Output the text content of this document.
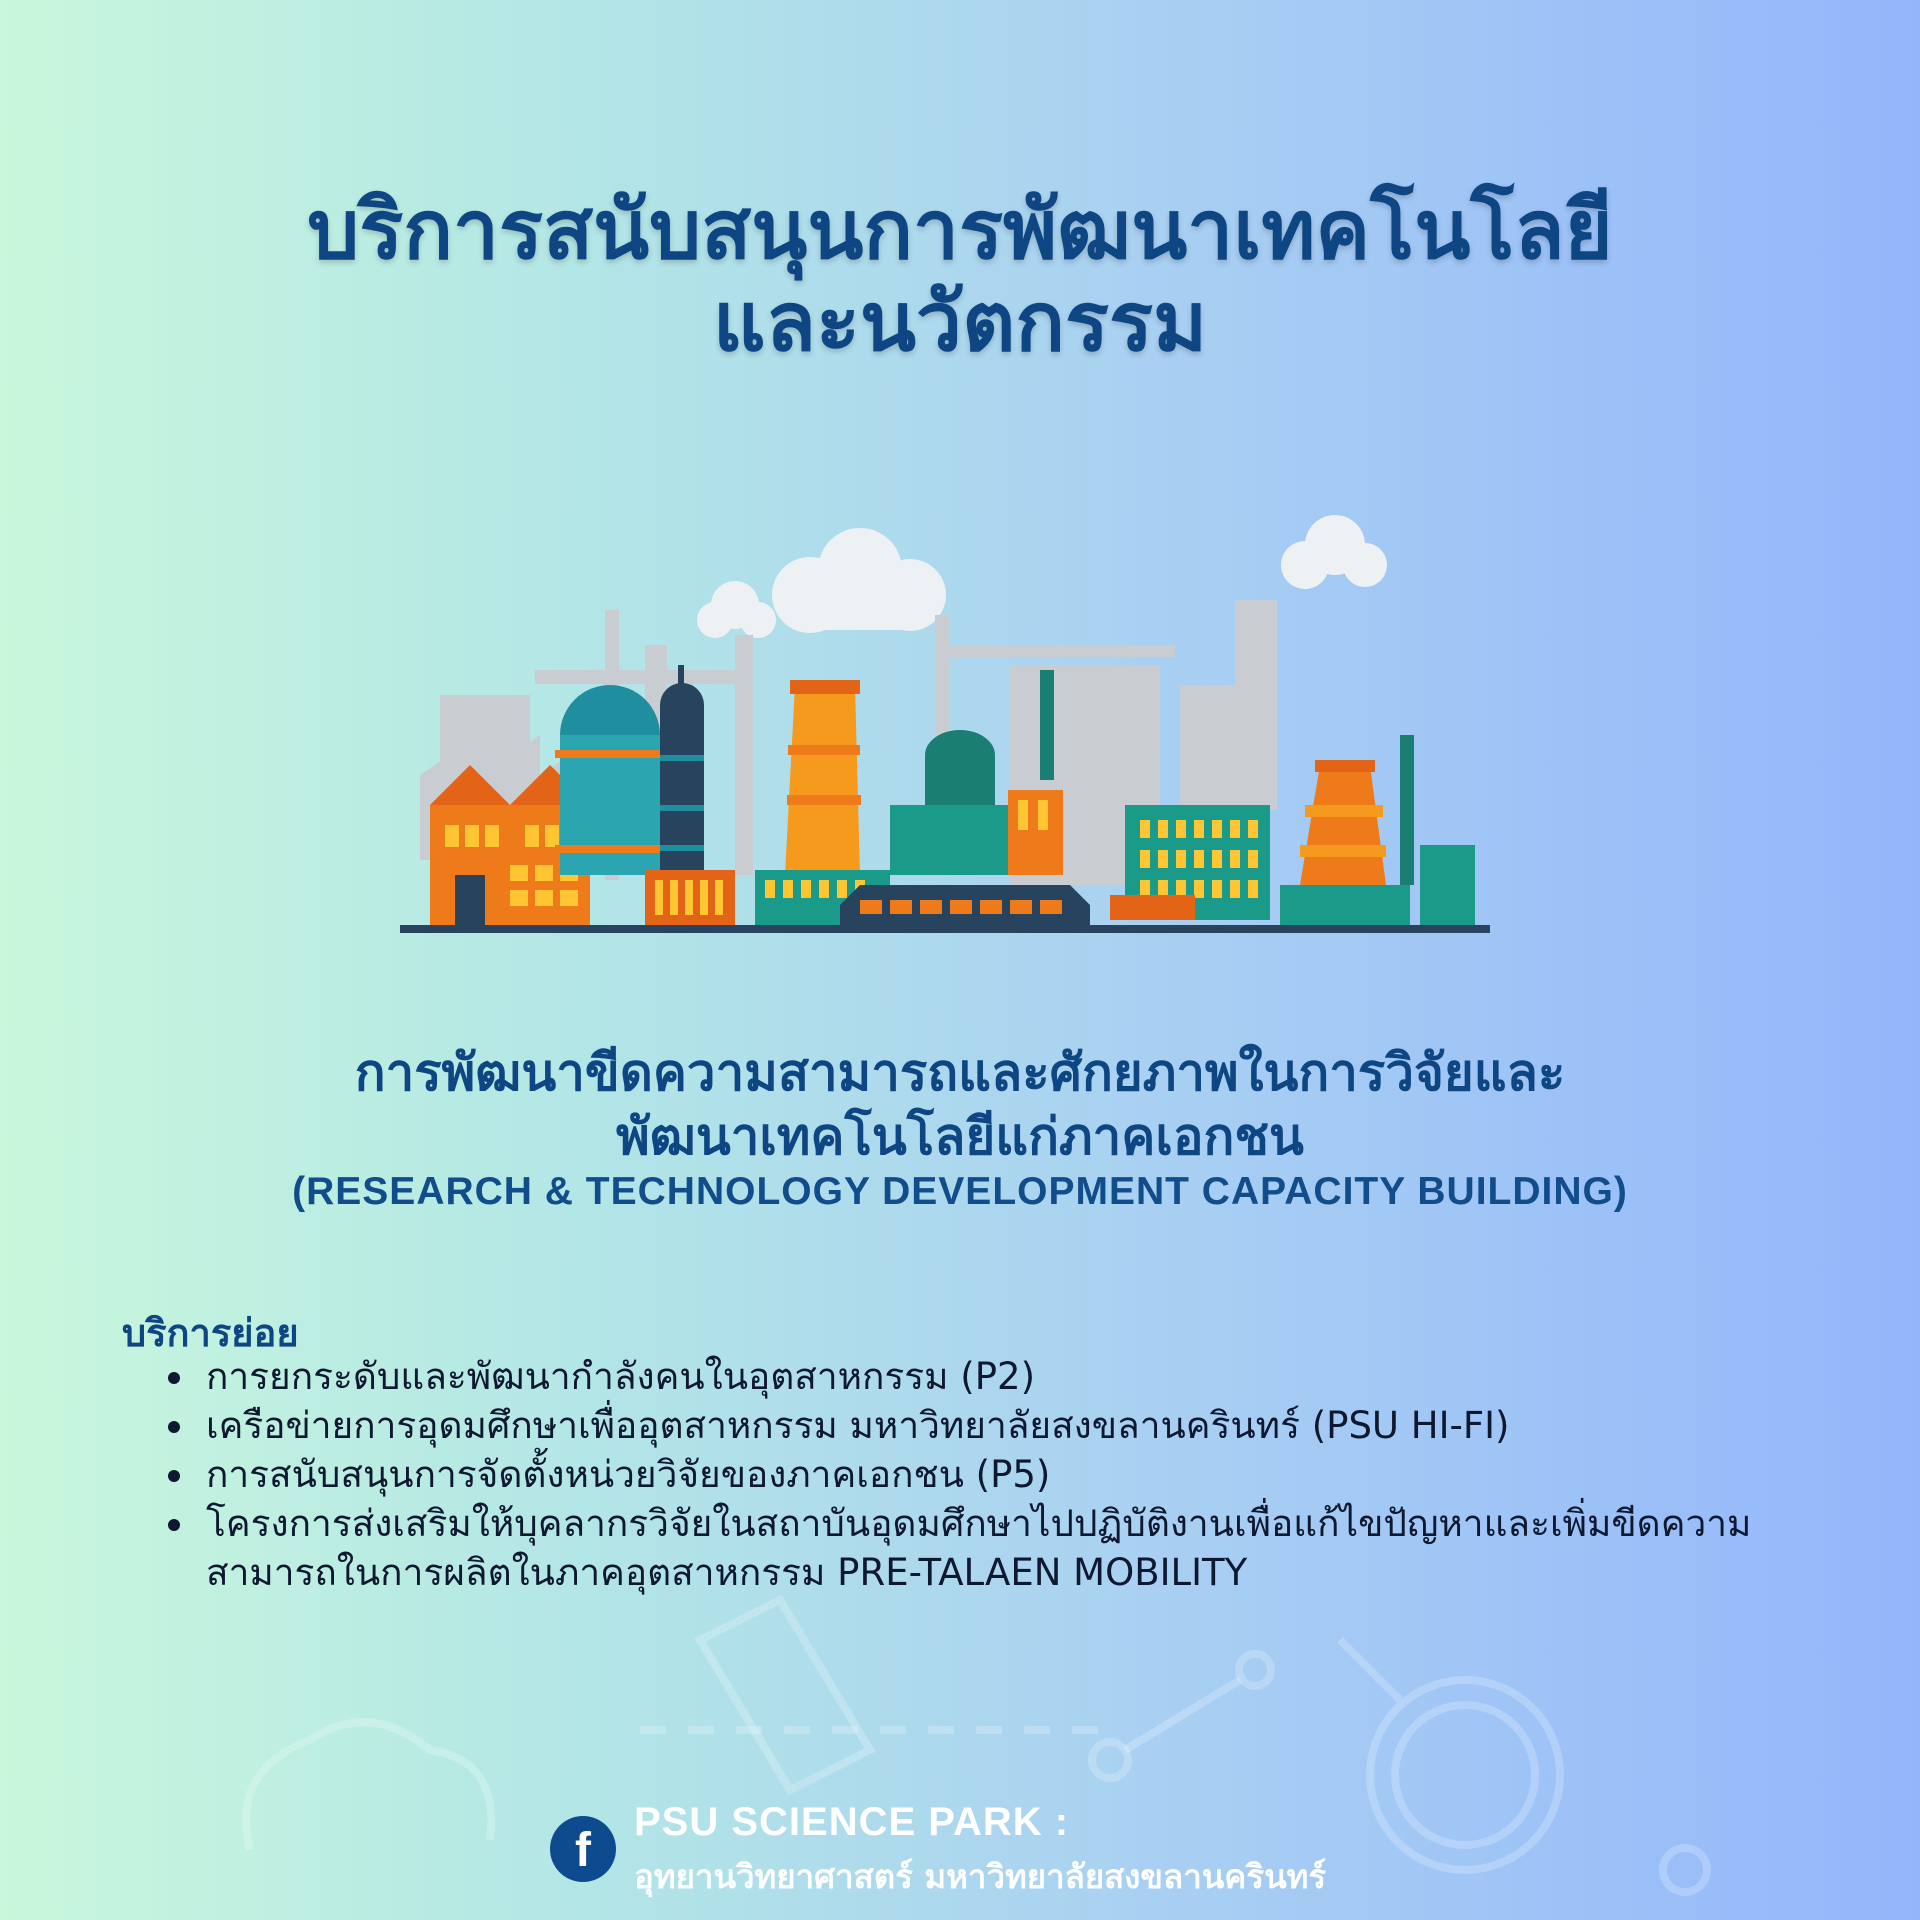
บริการสนับสนุนการพัฒนาเทคโนโลยี
และนวัตกรรม
การพัฒนาขีดความสามารถและศักยภาพในการวิจัยและ
พัฒนาเทคโนโลยีแก่ภาคเอกชน
(RESEARCH & TECHNOLOGY DEVELOPMENT CAPACITY BUILDING)
บริการย่อย
การยกระดับและพัฒนากำลังคนในอุตสาหกรรม (P2)
เครือข่ายการอุดมศึกษาเพื่ออุตสาหกรรม มหาวิทยาลัยสงขลานครินทร์ (PSU HI-FI)
การสนับสนุนการจัดตั้งหน่วยวิจัยของภาคเอกชน (P5)
โครงการส่งเสริมให้บุคลากรวิจัยในสถาบันอุดมศึกษาไปปฏิบัติงานเพื่อแก้ไขปัญหาและเพิ่มขีดความสามารถในการผลิตในภาคอุตสาหกรรม PRE-TALAEN MOBILITY
f
PSU SCIENCE PARK :
อุทยานวิทยาศาสตร์ มหาวิทยาลัยสงขลานครินทร์
